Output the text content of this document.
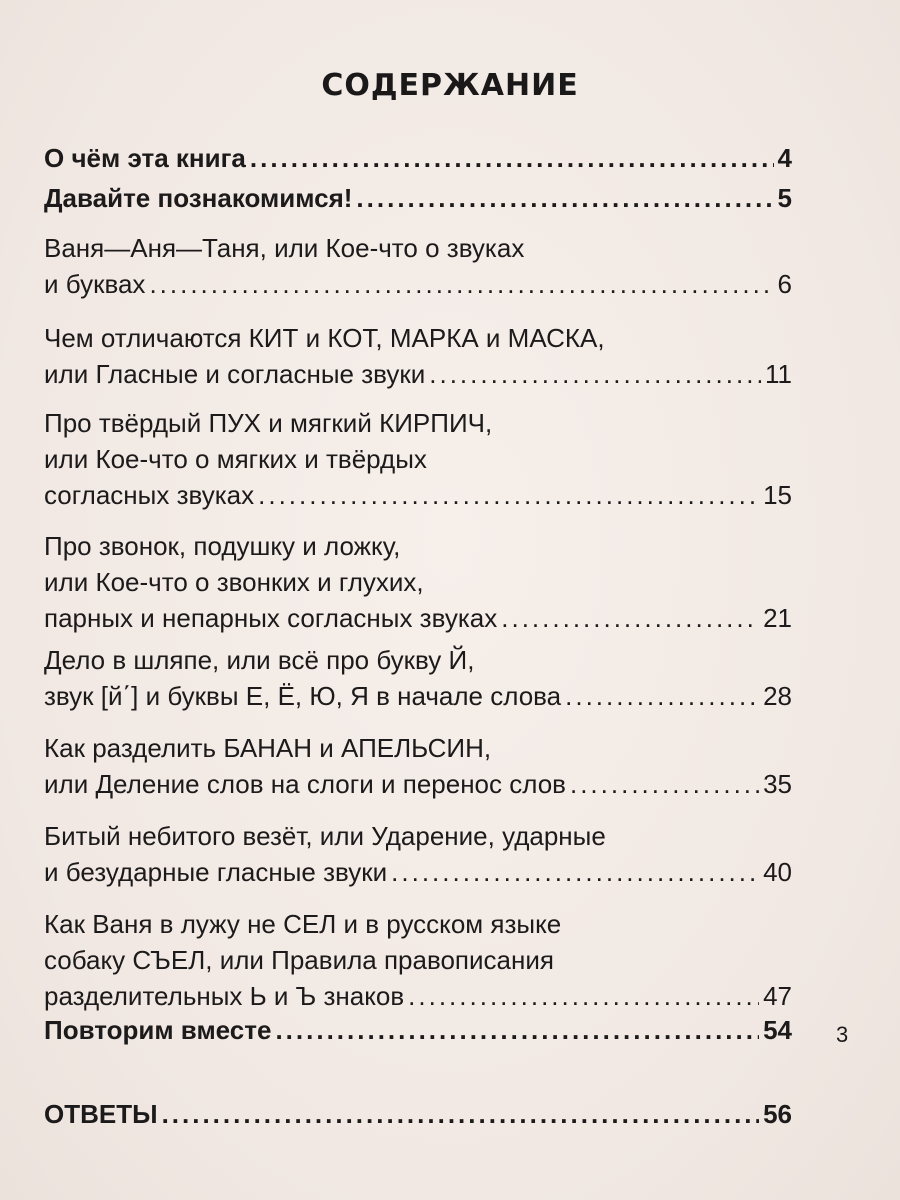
СОДЕРЖАНИЕ
О чём эта книга .....	4
Давайте познакомимся! .....	5
Ваня—Аня—Таня, или Кое-что о звуках
и буквах .....	6
Чем отличаются КИТ и КОТ, МАРКА и МАСКА,
или Гласные и согласные звуки .....	11
Про твёрдый ПУХ и мягкий КИРПИЧ,
или Кое-что о мягких и твёрдых
согласных звуках .....	15
Про звонок, подушку и ложку,
или Кое-что о звонких и глухих,
парных и непарных согласных звуках .....	21
Дело в шляпе, или всё про букву Й,
звук [й΄] и буквы Е, Ё, Ю, Я в начале слова .....	28
Как разделить БАНАН и АПЕЛЬСИН,
или Деление слов на слоги и перенос слов .....	35
Битый небитого везёт, или Ударение, ударные
и безударные гласные звуки .....	40
Как Ваня в лужу не СЕЛ и в русском языке
собаку СЪЕЛ, или Правила правописания
разделительных Ь и Ъ знаков .....	47
Повторим вместе .....	54
ОТВЕТЫ .....	56
3
